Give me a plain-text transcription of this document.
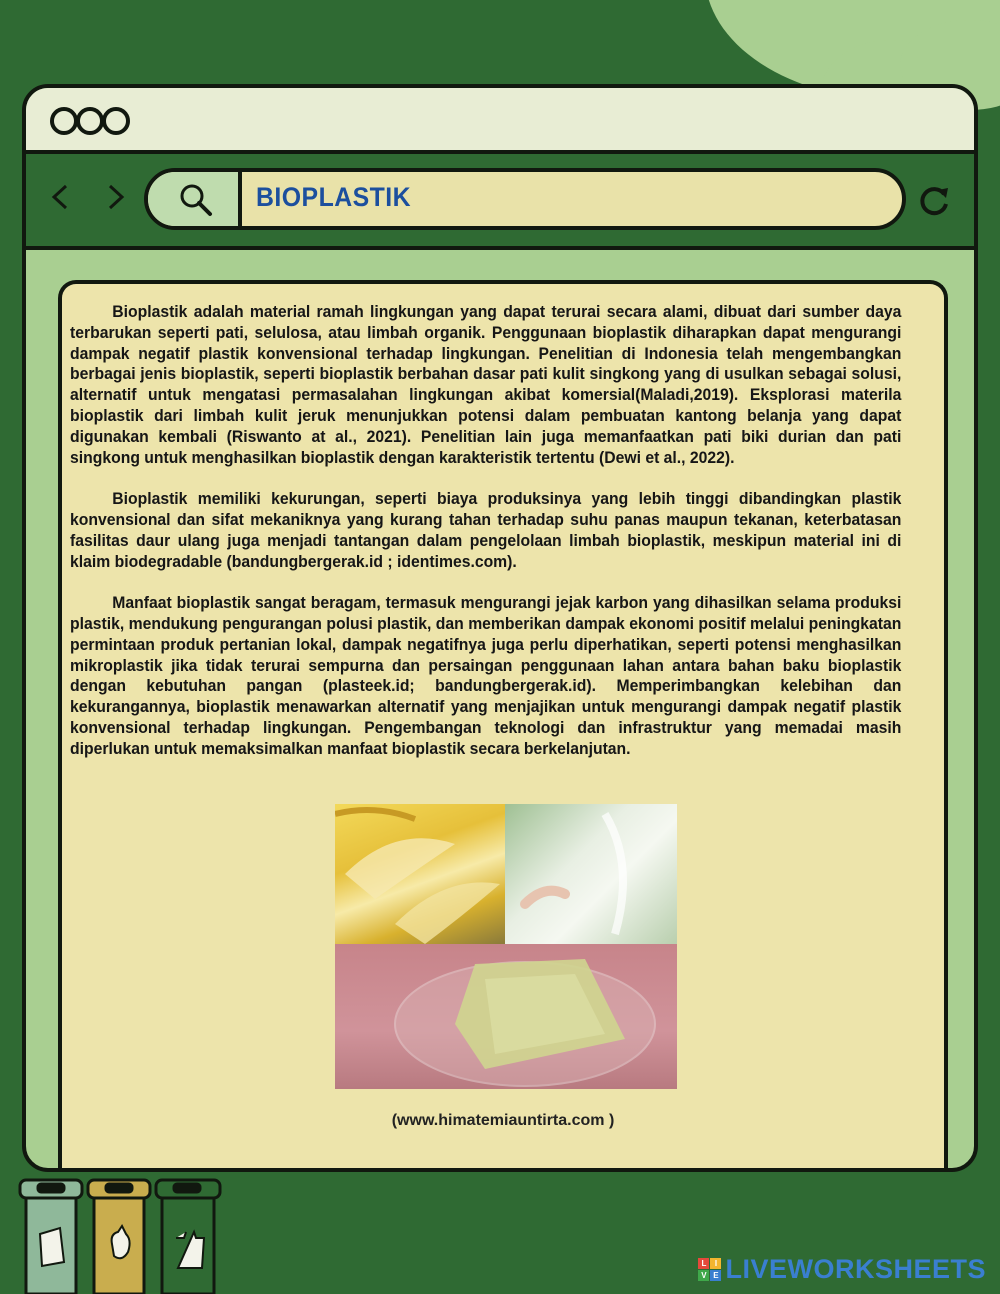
BIOPLASTIK

Bioplastik adalah material ramah lingkungan yang dapat terurai secara alami, dibuat dari sumber daya terbarukan seperti pati, selulosa, atau limbah organik. Penggunaan bioplastik diharapkan dapat mengurangi dampak negatif plastik konvensional terhadap lingkungan. Penelitian di Indonesia telah mengembangkan berbagai jenis bioplastik, seperti bioplastik berbahan dasar pati kulit singkong yang di usulkan sebagai solusi, alternatif untuk mengatasi permasalahan lingkungan akibat komersial(Maladi,2019). Eksplorasi materila bioplastik dari limbah kulit jeruk menunjukkan potensi dalam pembuatan kantong belanja yang dapat digunakan kembali (Riswanto at al., 2021). Penelitian lain juga memanfaatkan pati biki durian dan pati singkong untuk menghasilkan bioplastik dengan karakteristik tertentu (Dewi et al., 2022).

Bioplastik memiliki kekurungan, seperti biaya produksinya yang lebih tinggi dibandingkan plastik konvensional dan sifat mekaniknya yang kurang tahan terhadap suhu panas maupun tekanan, keterbatasan fasilitas daur ulang juga menjadi tantangan dalam pengelolaan limbah bioplastik, meskipun material ini di klaim biodegradable (bandungbergerak.id ; identimes.com).

Manfaat bioplastik sangat beragam, termasuk mengurangi jejak karbon yang dihasilkan selama produksi plastik, mendukung pengurangan polusi plastik, dan memberikan dampak ekonomi positif melalui peningkatan permintaan produk pertanian lokal, dampak negatifnya juga perlu diperhatikan, seperti potensi menghasilkan mikroplastik jika tidak terurai sempurna dan persaingan penggunaan lahan antara bahan baku bioplastik dengan kebutuhan pangan (plasteek.id; bandungbergerak.id). Memperimbangkan kelebihan dan kekurangannya, bioplastik menawarkan alternatif yang menjajikan untuk mengurangi dampak negatif plastik konvensional terhadap lingkungan. Pengembangan teknologi dan infrastruktur yang memadai masih diperlukan untuk memaksimalkan manfaat bioplastik secara berkelanjutan.

(www.himatemiauntirta.com )
L	I
V E LIVEWORKSHEETS
